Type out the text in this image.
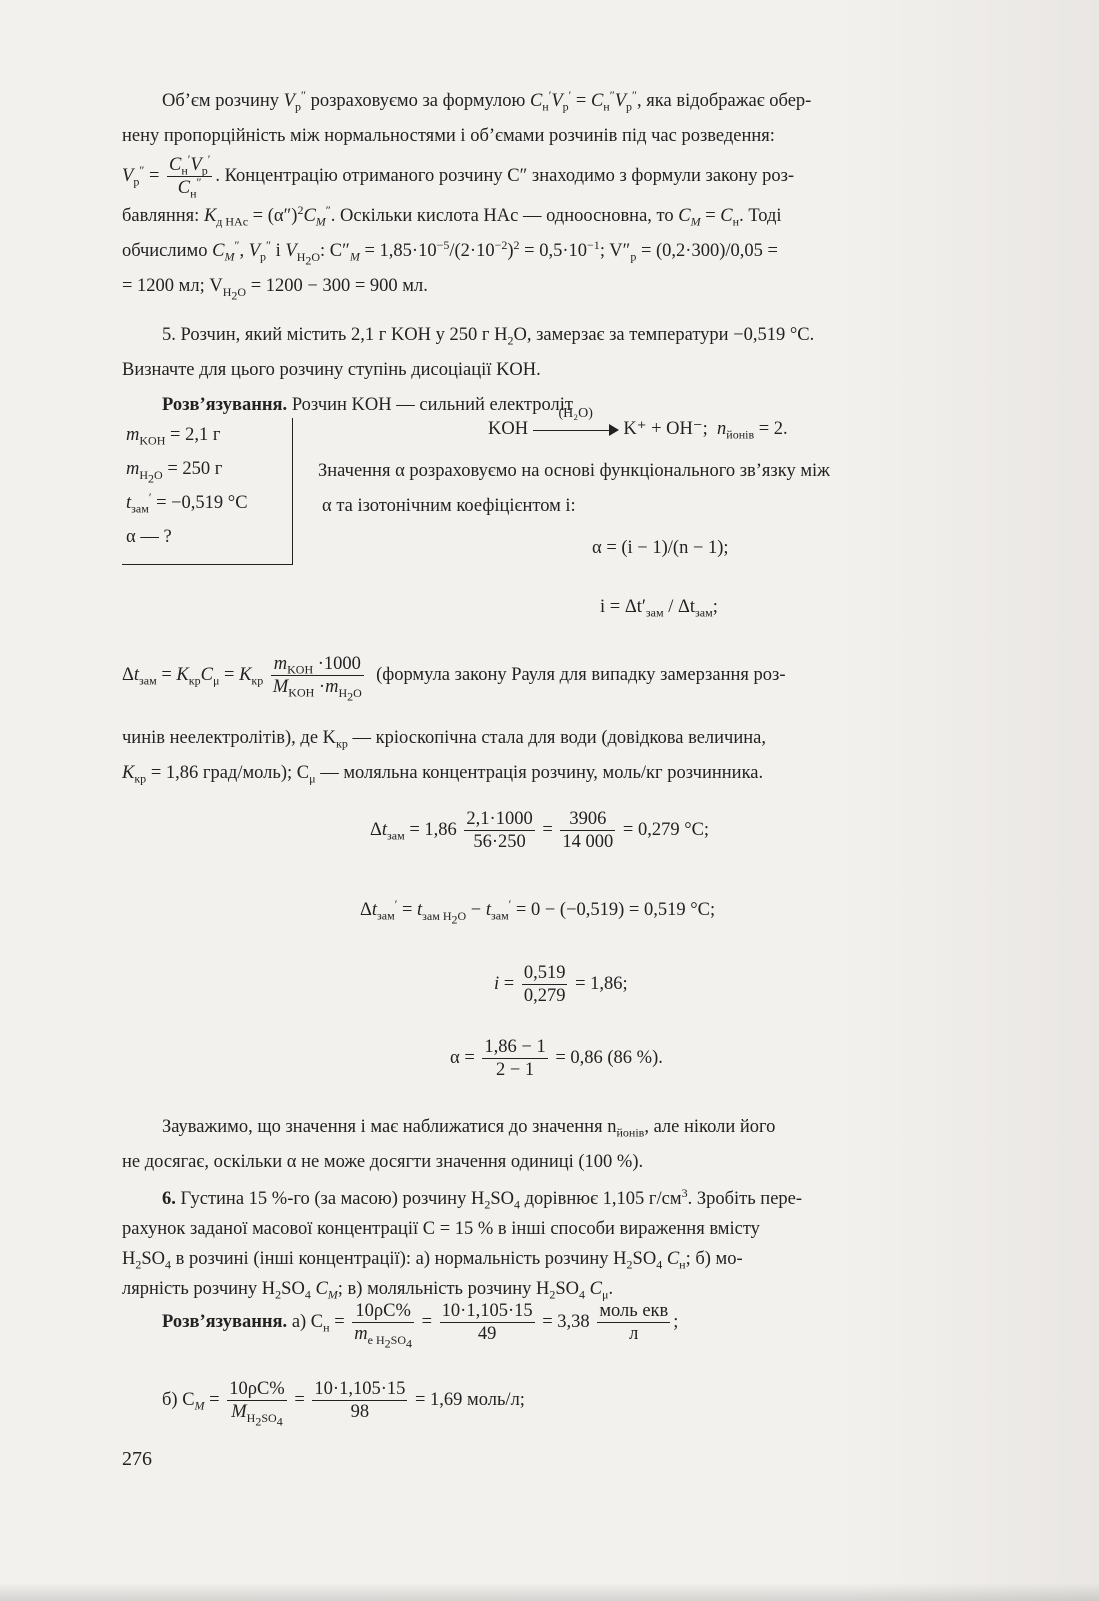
Об’єм розчину $V_р''$ розраховуємо за формулою $C_н'V_р' = C_н''V_р''$, яка відображає обер-
нену пропорційність між нормальностями і об’ємами розчинів під час розведення:
$V_р'' = \frac{C_н'V_р'}{C_н''}$ . Концентрацію отриманого розчину C″ знаходимо з формули закону роз-
бавляння: $K_{д HAc} = (\alpha'')^2C_M''$. Оскільки кислота HAc — одноосновна, то $C_M = C_н$. Тоді
обчислимо $C_M''$, $V_р''$ і $V_{H_2O}$: $C''_M = 1,85\cdot 10^{-5}/(2\cdot 10^{-2})^2 = 0,5\cdot 10^{-1}$; $V''_р = (0,2\cdot 300)/0,05$ =
= 1200 мл; $V_{H_2O} = 1200 - 300 = 900$ мл.
5. Розчин, який містить 2,1 г KOH у 250 г $H_2O$, замерзає за температури −0,519 °C.
Визначте для цього розчину ступінь дисоціації KOH.
Розв’язування. Розчин KOH — сильний електроліт
$m_{KOH} = 2,1$ г
$m_{H_2O} = 250$ г
$t_{зам}' = -0,519$ °C
α — ?
KOH
(H₂O)
K⁺ + OH⁻; $n_{йонів} = 2$.
Значення α розраховуємо на основі функціонального зв’язку між
α та ізотонічним коефіцієнтом i:
α = (i − 1)/(n − 1);
$i = \Delta t'_{зам} / \Delta t_{зам}$;
$\Delta t_{зам} = K_{кр}C_\mu = K_{кр} \frac{m_{KOH} \cdot 1000}{M_{KOH} \cdot m_{H_2O}}$ (формула закону Рауля для випадку замерзання роз-
чинів неелектролітів), де $K_{кр}$ — кріоскопічна стала для води (довідкова величина,
$K_{кр} = 1,86$ град/моль); $C_\mu$ — моляльна концентрація розчину, моль/кг розчинника.
$\Delta t_{зам} = 1,86 \frac{2,1\cdot 1000}{56\cdot 250} = \frac{3906}{14 000} = 0,279$ °C;
$\Delta t_{зам}' = t_{зам H_2O} - t_{зам}' = 0 - (-0,519) = 0,519$ °C;
$i = \frac{0,519}{0,279} = 1,86$;
$\alpha = \frac{1,86 - 1}{2 - 1} = 0,86$ (86 %).
Зауважимо, що значення i має наближатися до значення $n_{йонів}$, але ніколи його
не досягає, оскільки α не може досягти значення одиниці (100 %).
6. Густина 15 %-го (за масою) розчину $H_2SO_4$ дорівнює 1,105 $г/см^3$. Зробіть пере-
рахунок заданої масової концентрації C = 15 % в інші способи вираження вмісту
$H_2SO_4$ в розчині (інші концентрації): а) нормальність розчину $H_2SO_4$ $C_н$; б) мо-
лярність розчину $H_2SO_4$ $C_M$; в) моляльність розчину $H_2SO_4$ $C_\mu$.
Розв’язування. а) $C_н = \frac{10\rho C\%}{m_{е H_2SO_4}} = \frac{10\cdot 1,105\cdot 15}{49} = 3,38 \frac{\text{моль екв}}{л}$ ;
б) $C_M = \frac{10\rho C\%}{M_{H_2SO_4}} = \frac{10\cdot 1,105\cdot 15}{98} = 1,69$ моль/л;
276
